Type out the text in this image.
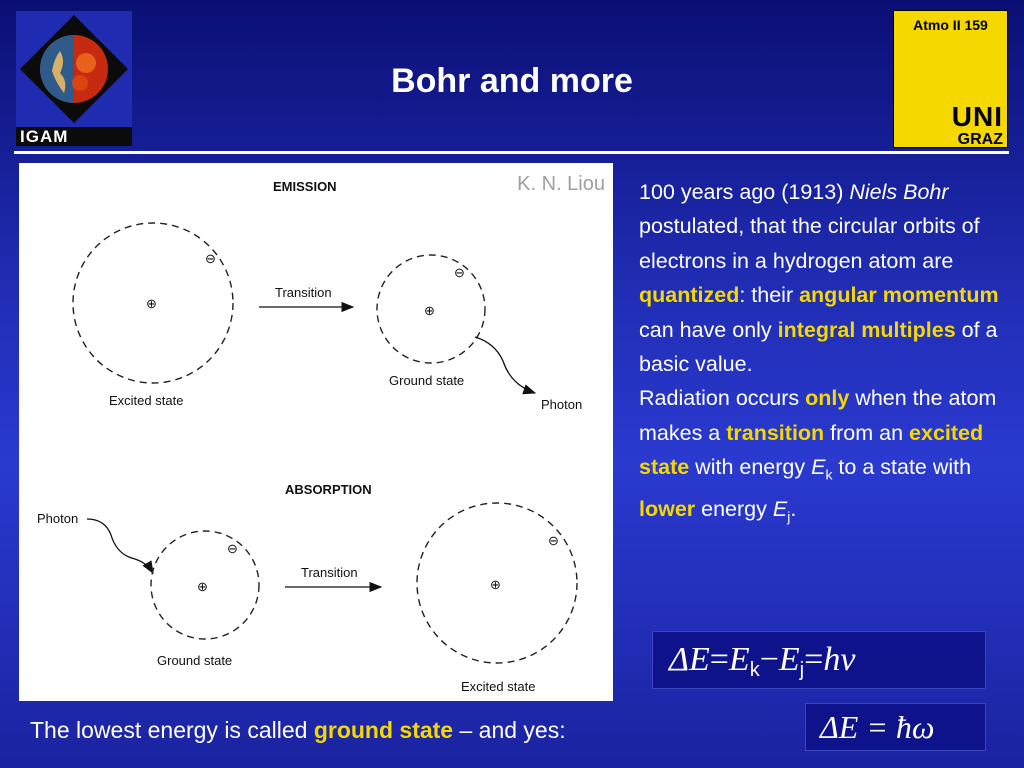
IGAM
Atmo II 159
UNI
GRAZ
Bohr and more
EMISSION
⊕
⊖
Excited state
Transition
⊕
⊖
Ground state
Photon
ABSORPTION
Photon
⊕
⊖
Ground state
Transition
⊕
⊖
Excited state
K. N. Liou 100 years ago (1913) Niels Bohr postulated, that the circular orbits of electrons in a hydrogen atom are quantized: their angular momentum can have only integral multiples of a basic value.
Radiation occurs only when the atom makes a transition from an excited state with energy $E_k$ to a state with lower energy $E_j$.
ΔE = E k − E j = hν
ΔE = ħω
The lowest energy is called ground state – and yes:
